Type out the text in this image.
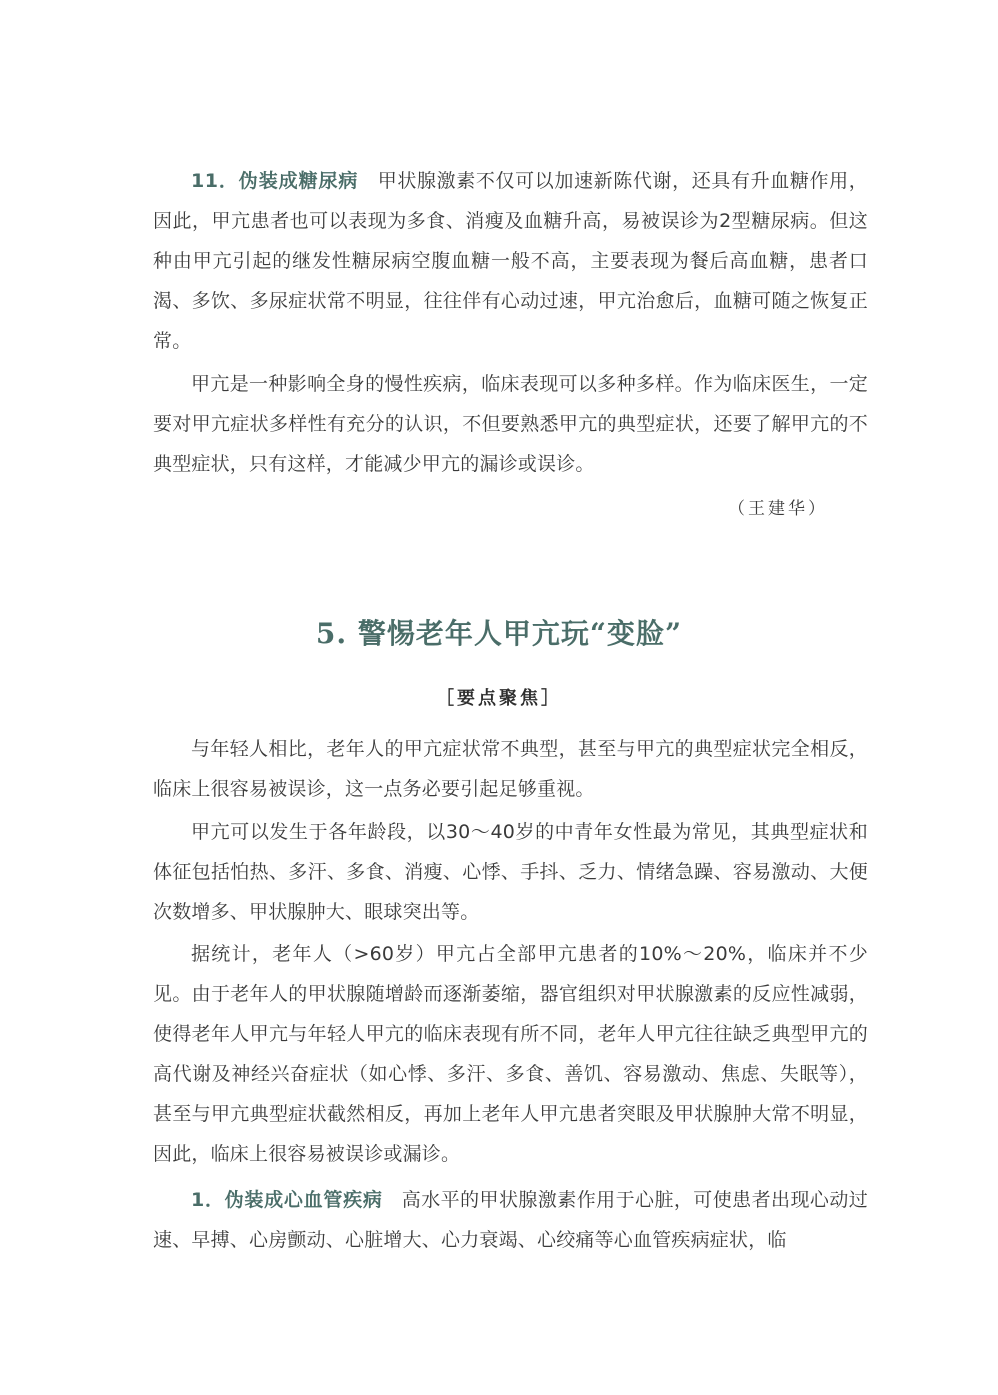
11．伪装成糖尿病 甲状腺激素不仅可以加速新陈代谢，还具有升血糖作用，因此，甲亢患者也可以表现为多食、消瘦及血糖升高，易被误诊为2型糖尿病。但这种由甲亢引起的继发性糖尿病空腹血糖一般不高，主要表现为餐后高血糖，患者口渴、多饮、多尿症状常不明显，往往伴有心动过速，甲亢治愈后，血糖可随之恢复正常。

甲亢是一种影响全身的慢性疾病，临床表现可以多种多样。作为临床医生，一定要对甲亢症状多样性有充分的认识，不但要熟悉甲亢的典型症状，还要了解甲亢的不典型症状，只有这样，才能减少甲亢的漏诊或误诊。

（王建华）
5. 警惕老年人甲亢玩“变脸”
［要点聚焦］

与年轻人相比，老年人的甲亢症状常不典型，甚至与甲亢的典型症状完全相反，临床上很容易被误诊，这一点务必要引起足够重视。

甲亢可以发生于各年龄段，以30～40岁的中青年女性最为常见，其典型症状和体征包括怕热、多汗、多食、消瘦、心悸、手抖、乏力、情绪急躁、容易激动、大便次数增多、甲状腺肿大、眼球突出等。

据统计，老年人（>60岁）甲亢占全部甲亢患者的10%～20%，临床并不少见。由于老年人的甲状腺随增龄而逐渐萎缩，器官组织对甲状腺激素的反应性减弱，使得老年人甲亢与年轻人甲亢的临床表现有所不同，老年人甲亢往往缺乏典型甲亢的高代谢及神经兴奋症状（如心悸、多汗、多食、善饥、容易激动、焦虑、失眠等），甚至与甲亢典型症状截然相反，再加上老年人甲亢患者突眼及甲状腺肿大常不明显，因此，临床上很容易被误诊或漏诊。

1．伪装成心血管疾病 高水平的甲状腺激素作用于心脏，可使患者出现心动过速、早搏、心房颤动、心脏增大、心力衰竭、心绞痛等心血管疾病症状，临
